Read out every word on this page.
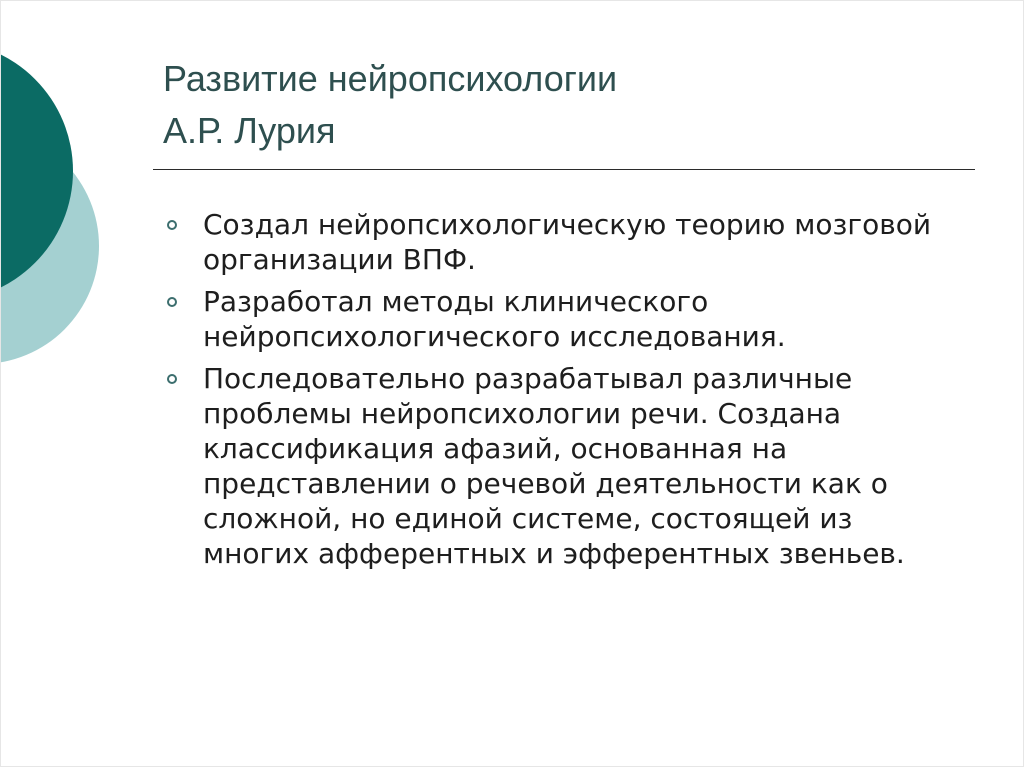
Развитие нейропсихологии
А.Р. Лурия
Создал нейропсихологическую теорию мозговой организации ВПФ.
Разработал методы клинического нейропсихологического исследования.
Последовательно разрабатывал различные проблемы нейропсихологии речи. Создана классификация афазий, основанная на представлении о речевой деятельности как о сложной, но единой системе, состоящей из многих афферентных и эфферентных звеньев.
